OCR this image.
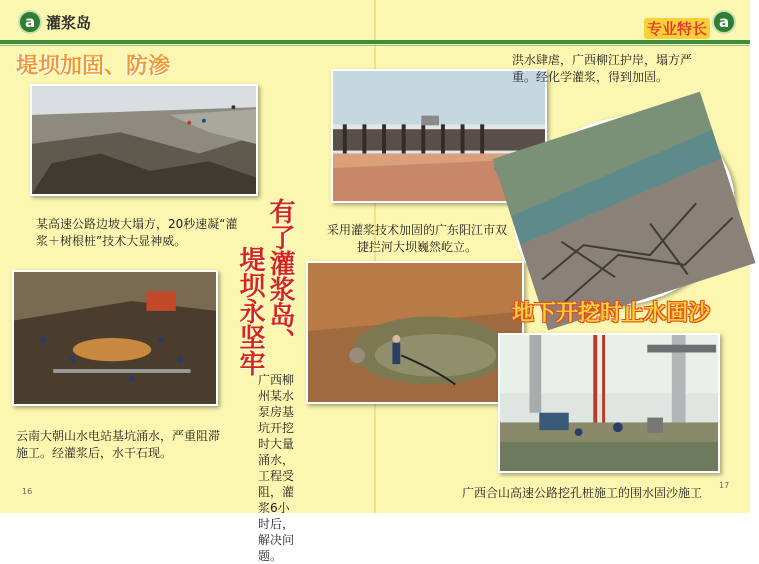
a 灌浆岛	a
专业特长
堤坝加固、防渗
某高速公路边坡大塌方，20秒速凝“灌浆＋树根桩”技术大显神威。
云南大朝山水电站基坑涌水，严重阻滞施工。经灌浆后，水干石现。
有了灌浆岛、
堤坝永坚牢
广西柳州某水泵房基坑开挖时大量涌水，工程受阻，灌浆6小时后，解决问题。
采用灌浆技术加固的广东阳江市双捷拦河大坝巍然屹立。
洪水肆虐，广西柳江护岸，塌方严重。经化学灌浆，得到加固。
地下开挖时止水固沙
广西合山高速公路挖孔桩施工的围水固沙施工
16
17
